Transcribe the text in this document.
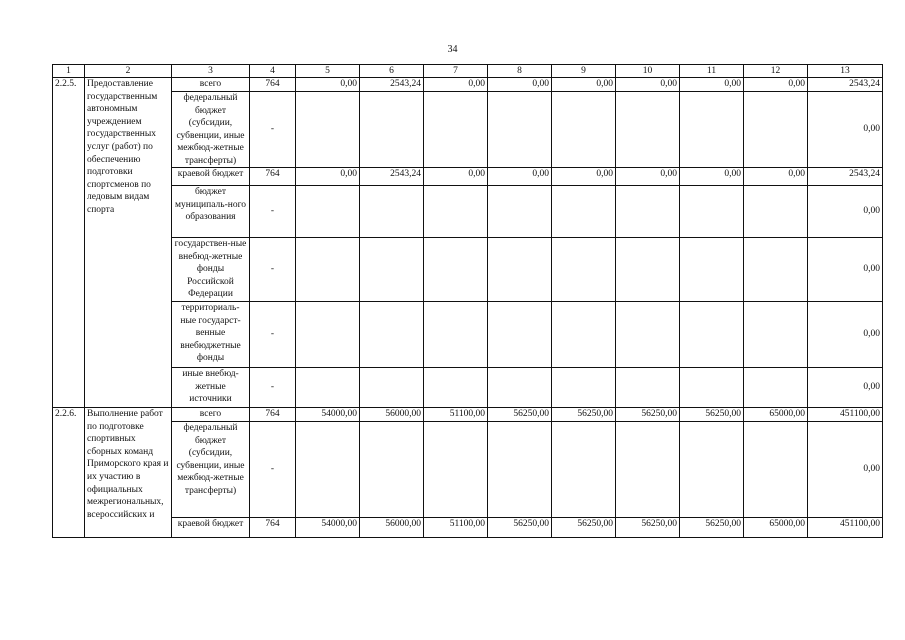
34
1	2	3	4	5	6	7	8	9	10	11	12	13
2.2.5.	Предоставление государственным автономным учреждением государственных услуг (работ) по обеспечению подготовки спортсменов по ледовым видам спорта	всего	764	0,00	2543,24	0,00	0,00	0,00	0,00	0,00	0,00	2543,24
		федеральный бюджет (субсидии, субвенции, иные межбюд-жетные трансферты)	-									0,00
		краевой бюджет	764	0,00	2543,24	0,00	0,00	0,00	0,00	0,00	0,00	2543,24
		бюджет муниципаль-ного образования	-									0,00
		государствен-ные внебюд-жетные фонды Российской Федерации	-									0,00
		территориаль-ные государст-венные внебюджетные фонды	-									0,00
		иные внебюд-жетные источники	-									0,00
2.2.6.	Выполнение работ по подготовке спортивных сборных команд Приморского края и их участию в официальных межрегиональных, всероссийских и	всего	764	54000,00	56000,00	51100,00	56250,00	56250,00	56250,00	56250,00	65000,00	451100,00
		федеральный бюджет (субсидии, субвенции, иные межбюд-жетные трансферты)	-									0,00
		краевой бюджет	764	54000,00	56000,00	51100,00	56250,00	56250,00	56250,00	56250,00	65000,00	451100,00
